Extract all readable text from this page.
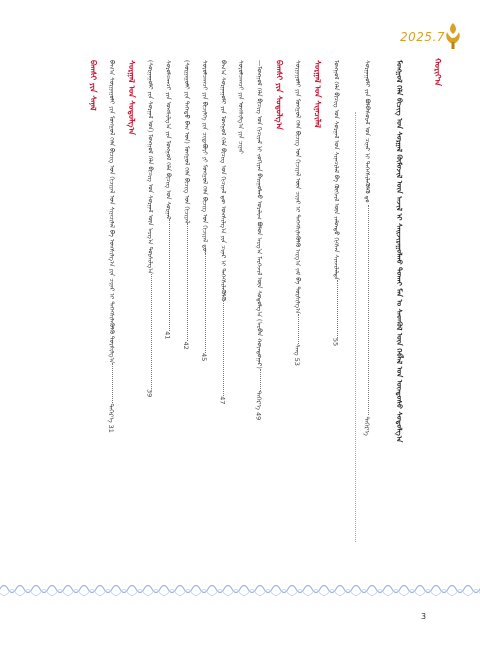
2025.7
ᠬᠣᠷᠢᠶ᠎ᠠ
ᠮᠣᠩᠭᠣᠯ ᠬᠡᠯᠡ ᠪᠢᠴᠢᠭ ᠤᠨ ᠰᠤᠷᠭᠠᠯ ᠬᠦᠮᠦᠵᠢᠯ ᠦᠨ ᠠᠵᠢᠯ ᠢ ᠰᠠᠢᠵᠢᠷᠠᠭᠤᠯᠬᠤ ᠲᠤᠬᠠᠢ ᠮᠠᠨ ᠤ ᠰᠡᠳᠭᠦᠯ ᠦᠨ ᠬᠡᠪᠯᠡᠯ ᠤᠨ ᠦᠨᠳᠦᠰᠦ ᠰᠤᠳᠤᠯᠭ᠎ᠠ
ᠰᠤᠷᠭᠠᠭᠤᠯᠢ ᠶᠢᠨ ᠪᠣᠯᠪᠠᠰᠤᠷᠠᠯ ᠤᠨ ᠴᠢᠨᠠᠷ ᠢ ᠳᠡᠭᠡᠭᠰᠢᠯᠡᠭᠦᠯᠬᠦ ᠳᠤ  ᠳᠡᠭᠡᠷ᠎ᠡ
ᠮᠣᠩᠭᠣᠯ ᠬᠡᠯᠡ ᠪᠢᠴᠢᠭ ᠤᠨ ᠰᠤᠷᠭᠠᠯ ᠤᠨ ᠰᠢᠨᠡᠴᠢᠯᠡᠯ ᠪᠠ ᠬᠦᠭᠵᠢᠯ ᠦᠨ ᠵᠠᠮᠤᠨᠳᠤ ᠬᠢᠭᠰᠡᠨ ᠰᠢᠨᠵᠢᠯᠡᠯᠲᠡ55
ᠰᠤᠷᠭᠠᠯ ᠤᠨ ᠰᠢᠨᠡᠴᠢᠯᠡᠯ
ᠰᠤᠷᠭᠠᠭᠤᠯᠢ ᠶᠢᠨ ᠮᠣᠩᠭᠣᠯ ᠬᠡᠯᠡ ᠪᠢᠴᠢᠭ ᠤᠨ ᠬᠢᠴᠢᠶᠡᠯ ᠦᠨ ᠴᠢᠨᠠᠷ ᠢ ᠳᠡᠭᠡᠭᠰᠢᠯᠡᠭᠦᠯᠬᠦ ᠠᠷᠭ᠎ᠠ ᠵᠠᠮ ᠪᠠ ᠲᠤᠷᠰᠢᠯᠭ᠎ᠠᠰᠠᠩ 53
ᠪᠠᠭᠰᠢ ᠶᠢᠨ ᠰᠤᠳᠤᠯᠭ᠎ᠠ
—ᠮᠣᠩᠭᠣᠯ ᠬᠡᠯᠡ ᠪᠢᠴᠢᠭ ᠤᠨ ᠬᠢᠴᠢᠶᠡᠯ ᠢ ᠵᠣᠬᠢᠶᠠᠨ ᠪᠠᠢᠭᠤᠯᠬᠤ ᠤᠷᠠᠯᠢᠭ ᠪᠣᠯᠤᠨ ᠠᠷᠭ᠎ᠠ ᠮᠡᠷᠭᠡᠵᠢᠯ ᠦᠨ ᠰᠤᠳᠤᠯᠭ᠎ᠠ (ᠠᠷᠪᠠᠨ ᠬᠣᠶᠠᠳᠤᠭᠠᠷ)ᠳᠡᠭᠡᠷ᠎ᠡ 49
ᠰᠤᠷᠤᠯᠴᠠᠭᠴᠢ ᠶᠢᠨ ᠤᠩᠰᠢᠯᠭ᠎ᠠ ᠶᠢᠨ ᠴᠢᠨᠠᠷ
ᠪᠠᠭ᠎ᠠ ᠰᠤᠷᠭᠠᠭᠤᠯᠢ ᠶᠢᠨ ᠮᠣᠩᠭᠣᠯ ᠬᠡᠯᠡ ᠪᠢᠴᠢᠭ ᠤᠨ ᠬᠢᠴᠢᠶᠡᠯ ᠳᠦ ᠤᠩᠰᠢᠯᠭ᠎ᠠ ᠶᠢᠨ ᠴᠢᠨᠠᠷ ᠢ ᠳᠡᠭᠡᠭᠰᠢᠯᠡᠭᠦᠯᠬᠦ47
ᠰᠤᠷᠤᠯᠴᠠᠭᠴᠢ ᠶᠢᠨ ᠪᠢᠴᠢᠯᠭᠡ ᠶᠢᠨ ᠴᠢᠳᠠᠪᠤᠷᠢ ᠶᠢ ᠮᠣᠩᠭᠣᠯ ᠬᠡᠯᠡ ᠪᠢᠴᠢᠭ ᠤᠨ ᠬᠢᠴᠢᠶᠡᠯ ᠳᠦ45
(ᠰᠤᠷᠭᠠᠭᠤᠯᠢ ᠶᠢᠨ ᠳᠡᠭᠡᠳᠦ ᠪᠠᠭ ᠤᠨ) ᠮᠣᠩᠭᠣᠯ ᠬᠡᠯᠡ ᠪᠢᠴᠢᠭ ᠤᠨ ᠬᠢᠴᠢᠶᠡᠯ42
ᠰᠤᠷᠤᠯᠴᠠᠭᠴᠢ ᠶᠢᠨ ᠤᠩᠰᠢᠯᠭ᠎ᠠ ᠶᠢᠨ ᠮᠣᠩᠭᠣᠯ ᠬᠡᠯᠡ ᠪᠢᠴᠢᠭ ᠤᠨ ᠰᠤᠷᠭᠠᠯ41
(ᠰᠤᠷᠭᠠᠭᠤᠯᠢ ᠶᠢᠨ ᠰᠤᠷᠭᠠᠯ ᠤᠨ) ᠮᠣᠩᠭᠣᠯ ᠬᠡᠯᠡ ᠪᠢᠴᠢᠭ ᠤᠨ ᠰᠤᠷᠭᠠᠯ ᠦᠨ ᠠᠷᠭ᠎ᠠ ᠲᠤᠷᠰᠢᠯᠭ᠎ᠠ39
ᠰᠤᠷᠭᠠᠯ ᠤᠨ ᠰᠤᠳᠤᠯᠭ᠎ᠠ
ᠪᠠᠭ᠎ᠠ ᠰᠤᠷᠭᠠᠭᠤᠯᠢ ᠶᠢᠨ ᠮᠣᠩᠭᠣᠯ ᠬᠡᠯᠡ ᠪᠢᠴᠢᠭ ᠤᠨ ᠬᠢᠴᠢᠶᠡᠯ ᠤᠨ ᠰᠢᠨᠡᠴᠢᠯᠡᠯ ᠪᠠ ᠤᠩᠰᠢᠯᠭ᠎ᠠ ᠶᠢᠨ ᠴᠢᠨᠠᠷ ᠢ ᠳᠡᠭᠡᠭᠰᠢᠯᠡᠭᠦᠯᠬᠦ ᠲᠤᠷᠰᠢᠯᠭ᠎ᠠᠳᠡᠭᠡᠷ᠎ᠡ 31
ᠪᠠᠭᠰᠢ ᠶᠢᠨ ᠰᠠᠨᠠᠯ
3
